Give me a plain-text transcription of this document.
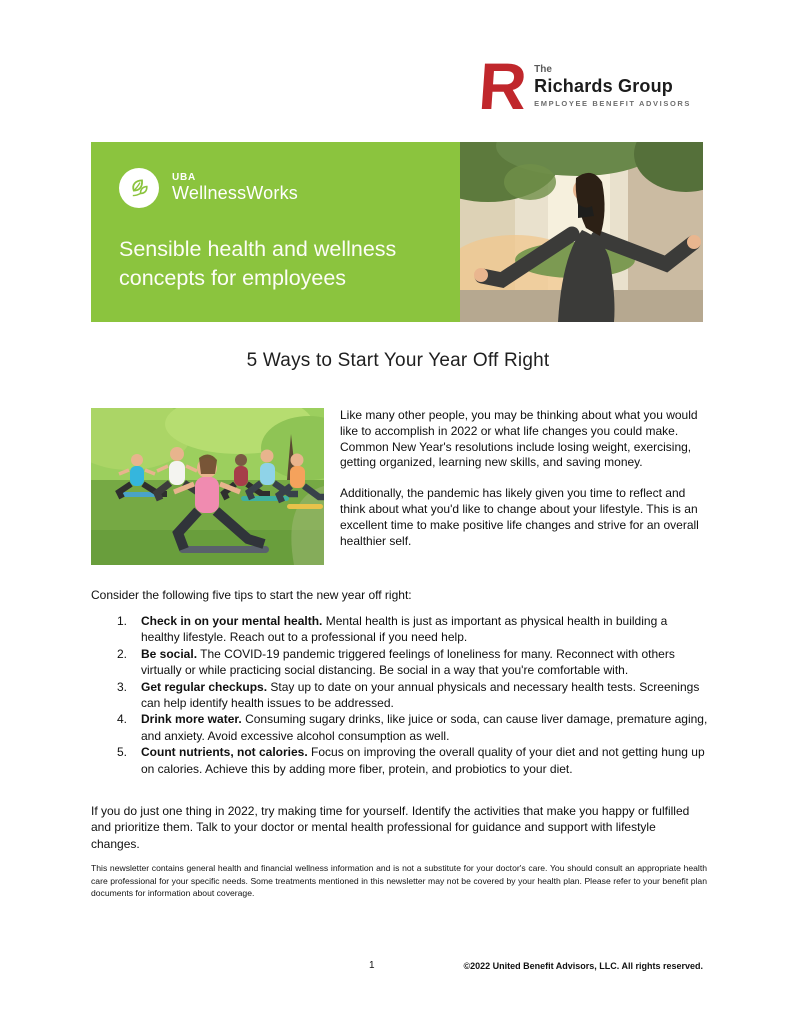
R The
Richards Group
EMPLOYEE BENEFIT ADVISORS
UBA
WellnessWorks
Sensible health and wellness
concepts for employees
5 Ways to Start Your Year Off Right

Like many other people, you may be thinking about what you would like to accomplish in 2022 or what life changes you could make. Common New Year's resolutions include losing weight, exercising, getting organized, learning new skills, and saving money.

Additionally, the pandemic has likely given you time to reflect and think about what you'd like to change about your lifestyle. This is an excellent time to make positive life changes and strive for an overall healthier self.

Consider the following five tips to start the new year off right:
1.	Check in on your mental health. Mental health is just as important as physical health in building a healthy lifestyle. Reach out to a professional if you need help.
2.	Be social. The COVID-19 pandemic triggered feelings of loneliness for many. Reconnect with others virtually or while practicing social distancing. Be social in a way that you're comfortable with.
3.	Get regular checkups. Stay up to date on your annual physicals and necessary health tests. Screenings can help identify health issues to be addressed.
4.	Drink more water. Consuming sugary drinks, like juice or soda, can cause liver damage, premature aging, and anxiety. Avoid excessive alcohol consumption as well.
5.	Count nutrients, not calories. Focus on improving the overall quality of your diet and not getting hung up on calories. Achieve this by adding more fiber, protein, and probiotics to your diet.
If you do just one thing in 2022, try making time for yourself. Identify the activities that make you happy or fulfilled and prioritize them. Talk to your doctor or mental health professional for guidance and support with lifestyle changes.
This newsletter contains general health and financial wellness information and is not a substitute for your doctor's care. You should consult an appropriate health care professional for your specific needs. Some treatments mentioned in this newsletter may not be covered by your health plan. Please refer to your benefit plan documents for information about coverage.
1	©2022 United Benefit Advisors, LLC. All rights reserved.
